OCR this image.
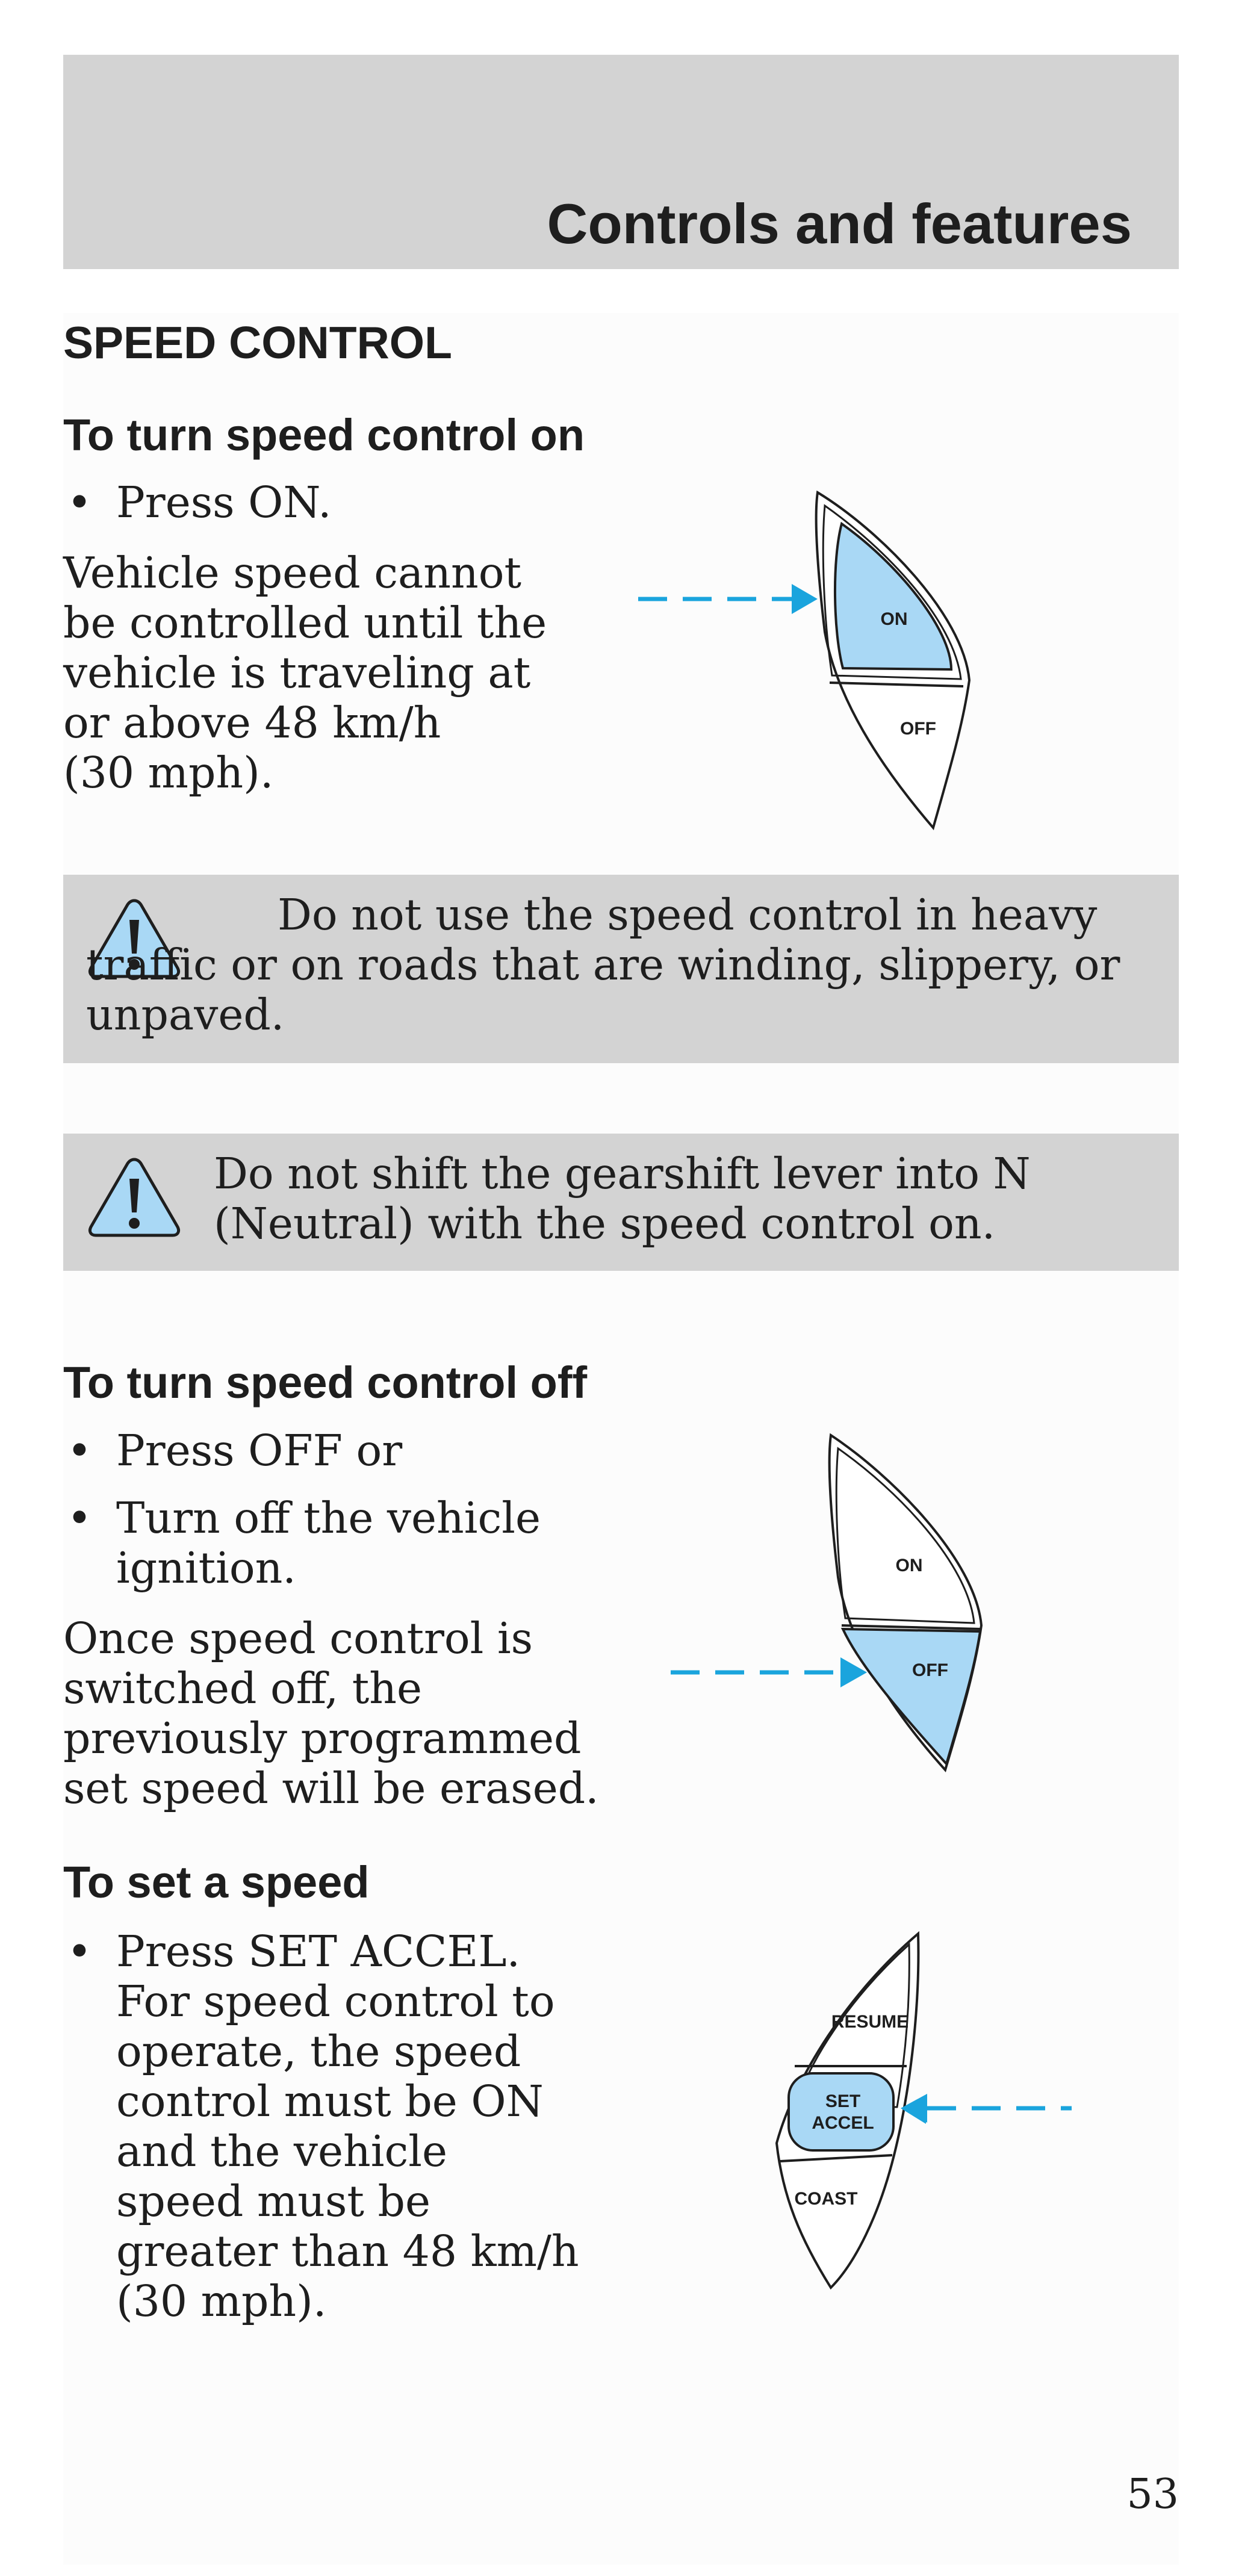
Controls and features
SPEED CONTROL
To turn speed control on
• Press ON.
Vehicle speed cannot
be controlled until the
vehicle is traveling at
or above 48 km/h
(30 mph).
ON
OFF
Do not use the speed control in heavy traffic or on roads that are winding, slippery, or unpaved.
Do not shift the gearshift lever into N (Neutral) with the speed control on.
To turn speed control off
• Press OFF or
• Turn off the vehicle ignition.
Once speed control is
switched off, the
previously programmed
set speed will be erased.
ON
OFF
To set a speed
• Press SET ACCEL.
For speed control to
operate, the speed
control must be ON
and the vehicle
speed must be
greater than 48 km/h
(30 mph).
RESUME
SET
ACCEL
COAST
53
